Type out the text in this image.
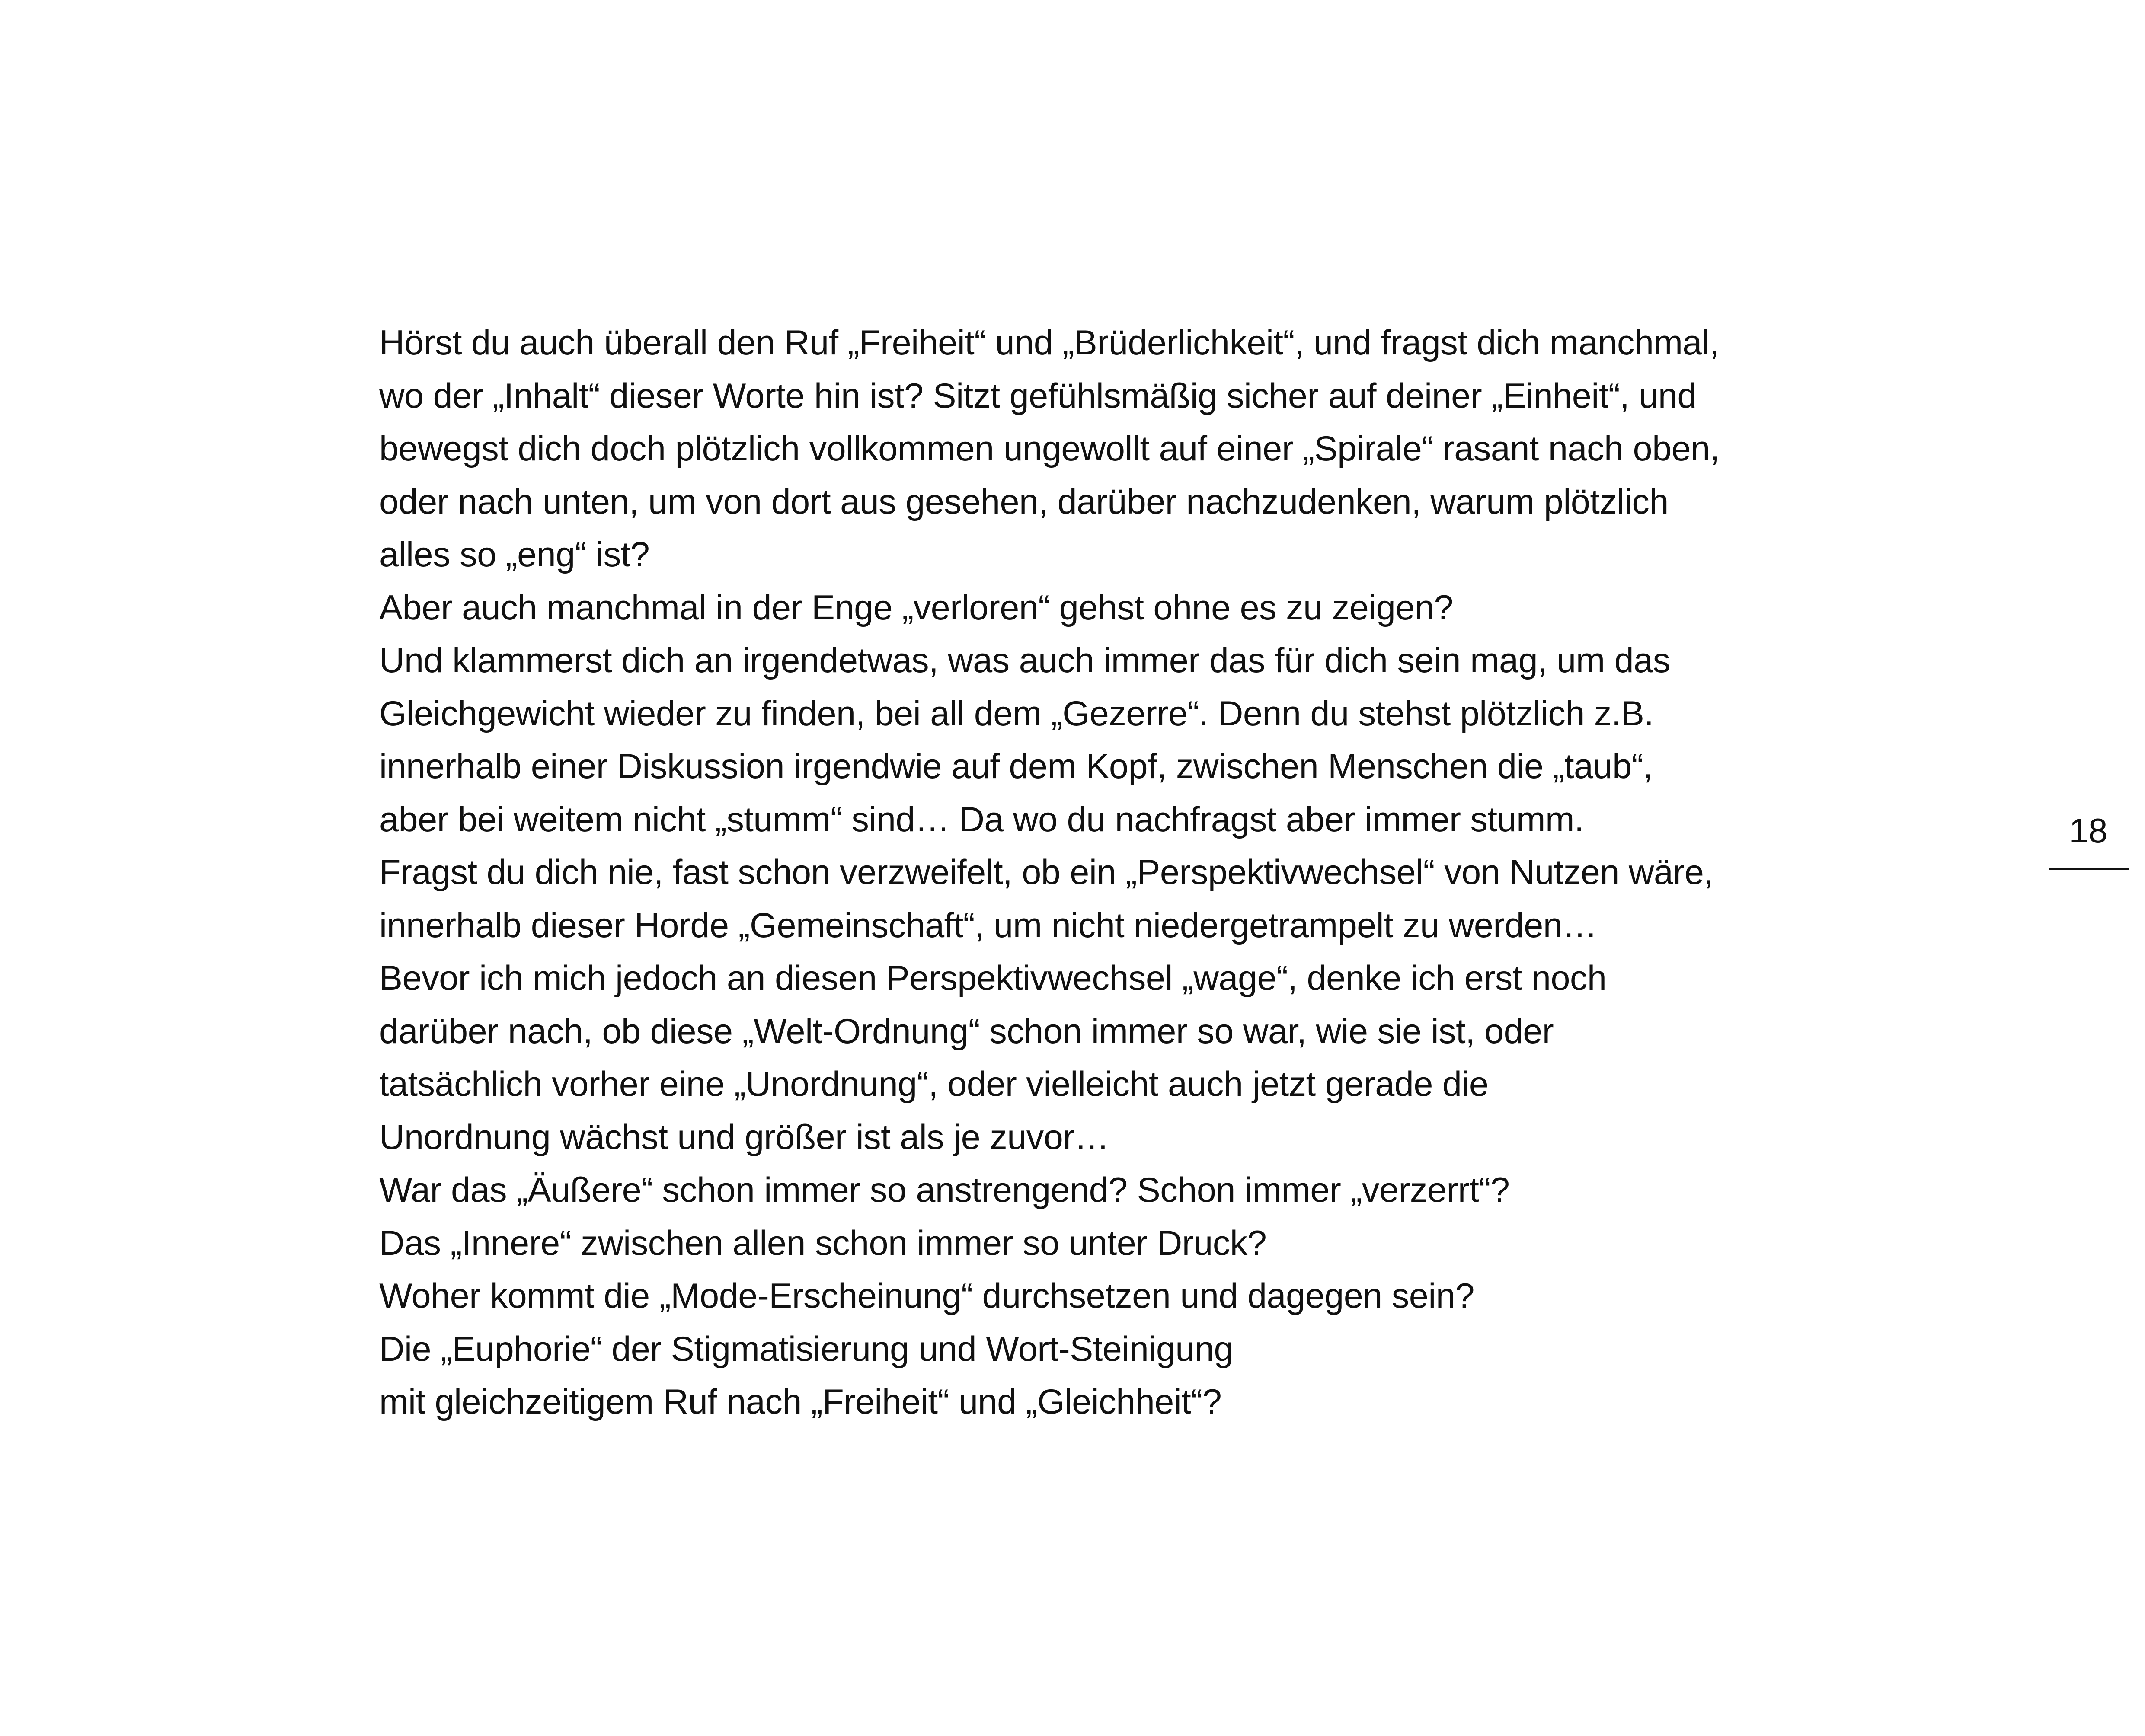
Hörst du auch überall den Ruf „Freiheit“ und „Brüderlichkeit“, und fragst dich manchmal,
wo der „Inhalt“ dieser Worte hin ist? Sitzt gefühlsmäßig sicher auf deiner „Einheit“, und
bewegst dich doch plötzlich vollkommen ungewollt auf einer „Spirale“ rasant nach oben,
oder nach unten, um von dort aus gesehen, darüber nachzudenken, warum plötzlich
alles so „eng“ ist?
Aber auch manchmal in der Enge „verloren“ gehst ohne es zu zeigen?
Und klammerst dich an irgendetwas, was auch immer das für dich sein mag, um das
Gleichgewicht wieder zu finden, bei all dem „Gezerre“. Denn du stehst plötzlich z.B.
innerhalb einer Diskussion irgendwie auf dem Kopf, zwischen Menschen die „taub“,
aber bei weitem nicht „stumm“ sind… Da wo du nachfragst aber immer stumm.
Fragst du dich nie, fast schon verzweifelt, ob ein „Perspektivwechsel“ von Nutzen wäre,
innerhalb dieser Horde „Gemeinschaft“, um nicht niedergetrampelt zu werden…
Bevor ich mich jedoch an diesen Perspektivwechsel „wage“, denke ich erst noch
darüber nach, ob diese „Welt-Ordnung“ schon immer so war, wie sie ist, oder
tatsächlich vorher eine „Unordnung“, oder vielleicht auch jetzt gerade die
Unordnung wächst und größer ist als je zuvor…
War das „Äußere“ schon immer so anstrengend? Schon immer „verzerrt“?
Das „Innere“ zwischen allen schon immer so unter Druck?
Woher kommt die „Mode-Erscheinung“ durchsetzen und dagegen sein?
Die „Euphorie“ der Stigmatisierung und Wort-Steinigung
mit gleichzeitigem Ruf nach „Freiheit“ und „Gleichheit“?
18
